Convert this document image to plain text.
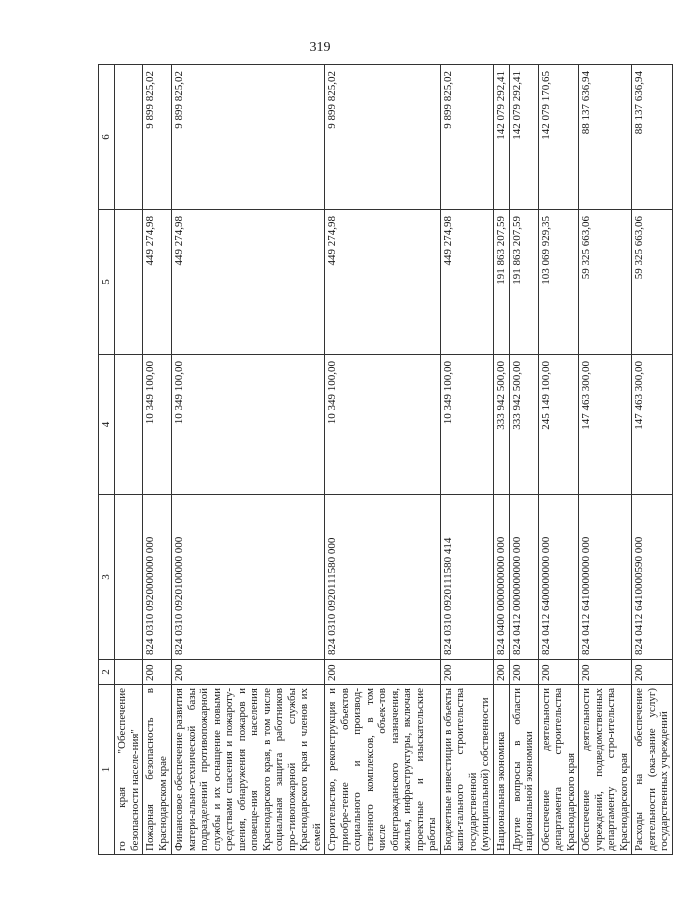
319
1	2	3	4	5	6
го края "Обеспечение безопасности населе-ния"					
Пожарная безопасность в Краснодарском крае	200	824 0310 0920000000 000	10 349 100,00	449 274,98	9 899 825,02
Финансовое обеспечение развития матери-ально-технической базы подразделений противопожарной службы и их оснащение новыми средствами спасения и пожароту-шения, обнаружения пожаров и оповеще-ния населения Краснодарского края, в том числе социальная защита работников про-тивопожарной службы Краснодарского края и членов их семей	200	824 0310 0920100000 000	10 349 100,00	449 274,98	9 899 825,02
Строительство, реконструкция и приобре-тение объектов социального и производ-ственного комплексов, в том числе объек-тов общегражданского назначения, жилья, инфраструктуры, включая проектные и изыскательские работы	200	824 0310 0920111580 000	10 349 100,00	449 274,98	9 899 825,02
Бюджетные инвестиции в объекты капи-тального строительства государственной (муниципальной) собственности	200	824 0310 0920111580 414	10 349 100,00	449 274,98	9 899 825,02
Национальная экономика	200	824 0400 0000000000 000	333 942 500,00	191 863 207,59	142 079 292,41
Другие вопросы в области национальной экономики	200	824 0412 0000000000 000	333 942 500,00	191 863 207,59	142 079 292,41
Обеспечение деятельности департамента строительства Краснодарского края	200	824 0412 6400000000 000	245 149 100,00	103 069 929,35	142 079 170,65
Обеспечение деятельности учреждений, подведомственных департаменту стро-ительства Краснодарского края	200	824 0412 6410000000 000	147 463 300,00	59 325 663,06	88 137 636,94
Расходы на обеспечение деятельности (ока-зание услуг) государственных учреждений	200	824 0412 6410000590 000	147 463 300,00	59 325 663,06	88 137 636,94
